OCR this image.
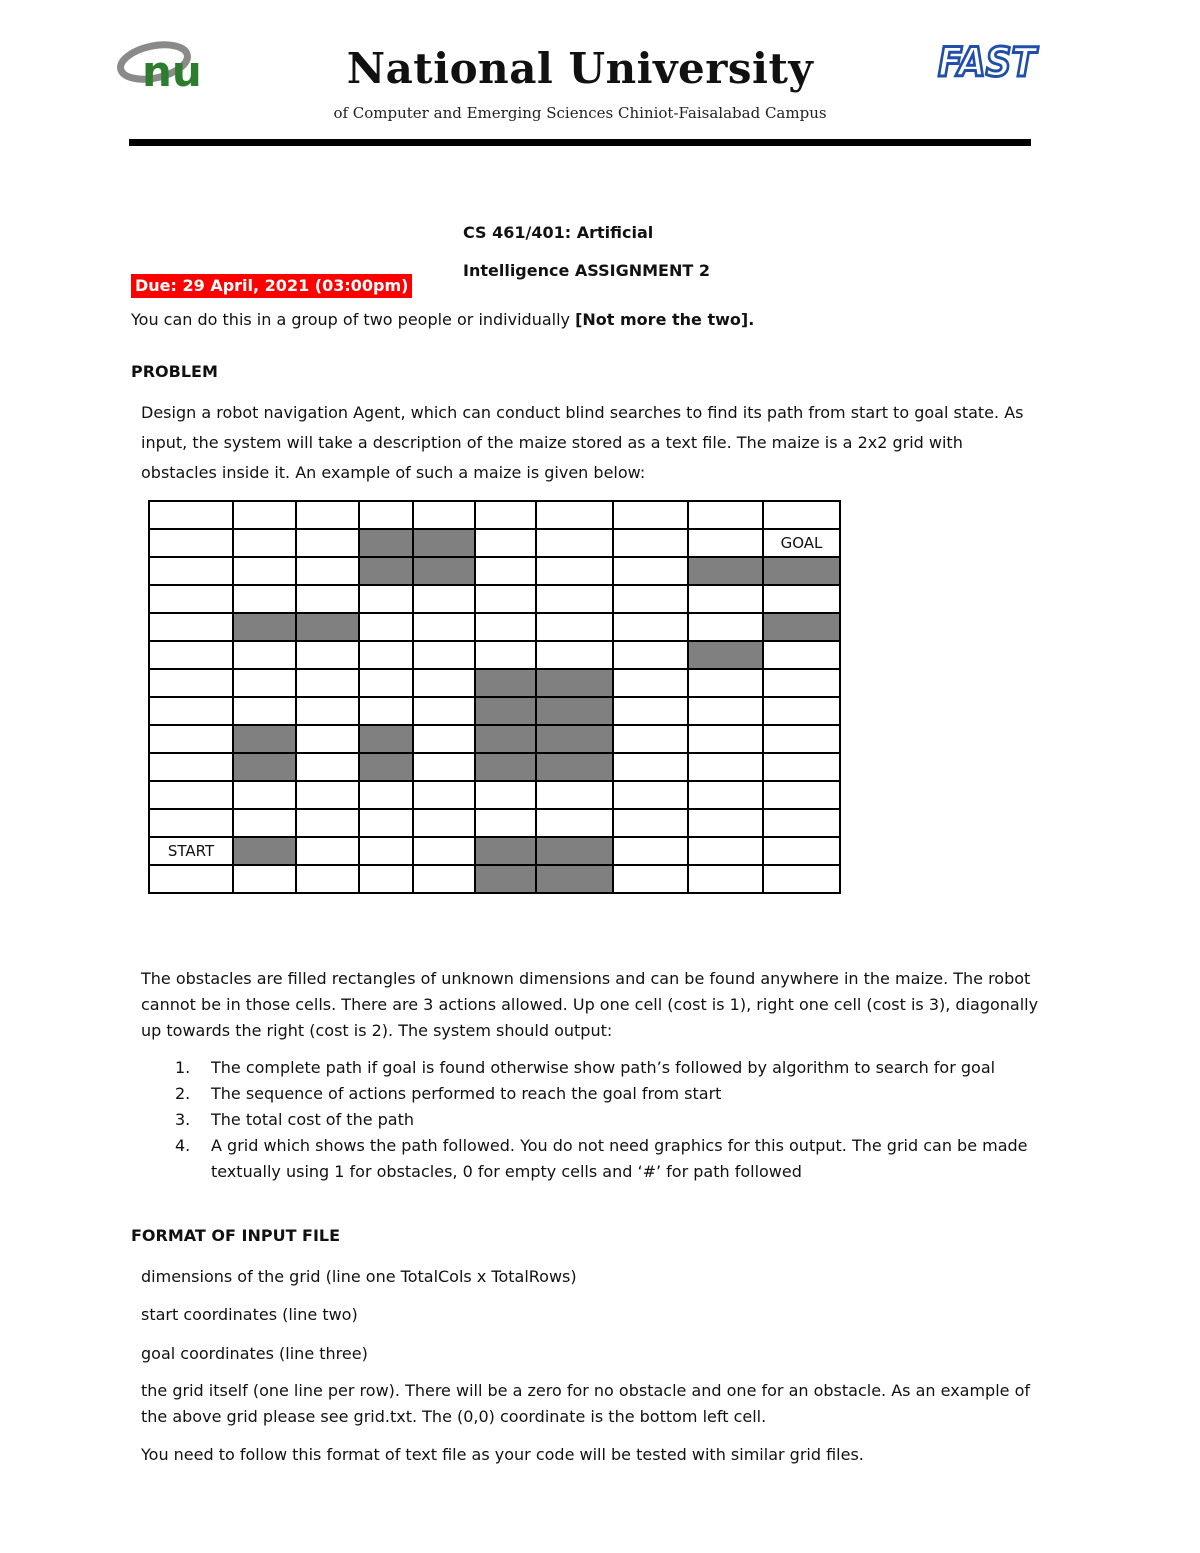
nu	National University
of Computer and Emerging Sciences Chiniot-Faisalabad Campus
FAST
CS 461/401: Artificial
Intelligence ASSIGNMENT 2
Due: 29 April, 2021 (03:00pm)
You can do this in a group of two people or individually [Not more the two].
PROBLEM
Design a robot navigation Agent, which can conduct blind searches to find its path from start to goal state. As input, the system will take a description of the maize stored as a text file. The maize is a 2x2 grid with obstacles inside it. An example of such a maize is given below:

									GOAL

START									

The obstacles are filled rectangles of unknown dimensions and can be found anywhere in the maize. The robot cannot be in those cells. There are 3 actions allowed. Up one cell (cost is 1), right one cell (cost is 3), diagonally up towards the right (cost is 2). The system should output:
1. The complete path if goal is found otherwise show path’s followed by algorithm to search for goal
2. The sequence of actions performed to reach the goal from start
3. The total cost of the path
4. A grid which shows the path followed. You do not need graphics for this output. The grid can be made textually using 1 for obstacles, 0 for empty cells and ‘#’ for path followed
FORMAT OF INPUT FILE
dimensions of the grid (line one TotalCols x TotalRows)
start coordinates (line two)
goal coordinates (line three)
the grid itself (one line per row). There will be a zero for no obstacle and one for an obstacle. As an example of the above grid please see grid.txt. The (0,0) coordinate is the bottom left cell.
You need to follow this format of text file as your code will be tested with similar grid files.
